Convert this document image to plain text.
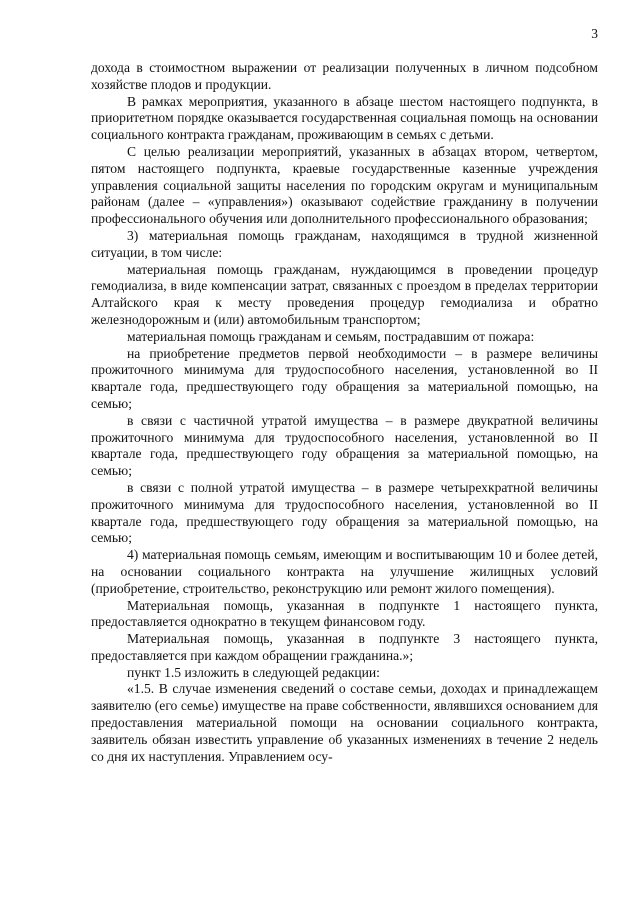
3

дохода в стоимостном выражении от реализации полученных в личном подсобном хозяйстве плодов и продукции.

В рамках мероприятия, указанного в абзаце шестом настоящего подпункта, в приоритетном порядке оказывается государственная социальная помощь на основании социального контракта гражданам, проживающим в семьях с детьми.

С целью реализации мероприятий, указанных в абзацах втором, четвертом, пятом настоящего подпункта, краевые государственные казенные учреждения управления социальной защиты населения по городским округам и муниципальным районам (далее – «управления») оказывают содействие гражданину в получении профессионального обучения или дополнительного профессионального образования;

3) материальная помощь гражданам, находящимся в трудной жизненной ситуации, в том числе:

материальная помощь гражданам, нуждающимся в проведении процедур гемодиализа, в виде компенсации затрат, связанных с проездом в пределах территории Алтайского края к месту проведения процедур гемодиализа и обратно железнодорожным и (или) автомобильным транспортом;

материальная помощь гражданам и семьям, пострадавшим от пожара:

на приобретение предметов первой необходимости – в размере величины прожиточного минимума для трудоспособного населения, установленной во II квартале года, предшествующего году обращения за материальной помощью, на семью;

в связи с частичной утратой имущества – в размере двукратной величины прожиточного минимума для трудоспособного населения, установленной во II квартале года, предшествующего году обращения за материальной помощью, на семью;

в связи с полной утратой имущества – в размере четырехкратной величины прожиточного минимума для трудоспособного населения, установленной во II квартале года, предшествующего году обращения за материальной помощью, на семью;

4) материальная помощь семьям, имеющим и воспитывающим 10 и более детей, на основании социального контракта на улучшение жилищных условий (приобретение, строительство, реконструкцию или ремонт жилого помещения).

Материальная помощь, указанная в подпункте 1 настоящего пункта, предоставляется однократно в текущем финансовом году.

Материальная помощь, указанная в подпункте 3 настоящего пункта, предоставляется при каждом обращении гражданина.»;

пункт 1.5 изложить в следующей редакции:

«1.5. В случае изменения сведений о составе семьи, доходах и принадлежащем заявителю (его семье) имуществе на праве собственности, являвшихся основанием для предоставления материальной помощи на основании социального контракта, заявитель обязан известить управление об указанных изменениях в течение 2 недель со дня их наступления. Управлением осу-
